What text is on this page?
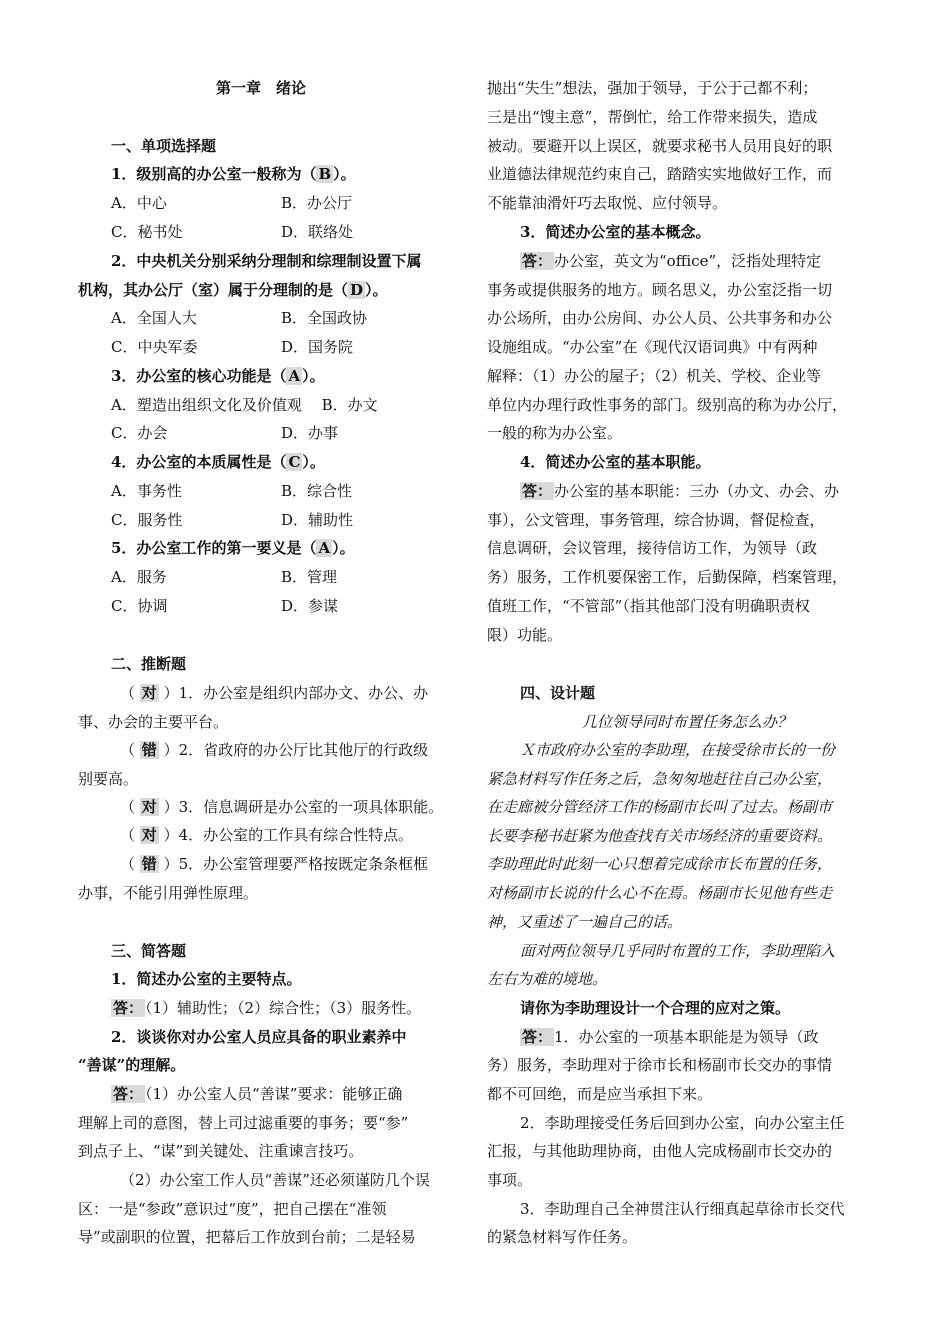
第一章　绪论
一、单项选择题
1．级别高的办公室一般称为（ B ）。
A．中心	B．办公厅
C．秘书处	D．联络处
2．中央机关分别采纳分理制和综理制设置下属
机构，其办公厅（室）属于分理制的是（ D ）。
A．全国人大	B．全国政协
C．中央军委	D．国务院
3．办公室的核心功能是（ A ）。
A．塑造出组织文化及价值观　 B．办文
C．办会	D．办事
4．办公室的本质属性是（ C ）。
A．事务性	B．综合性
C．服务性	D．辅助性
5．办公室工作的第一要义是（ A ）。
A．服务	B．管理
C．协调	D．参谋
二、推断题
（ 对 ）1．办公室是组织内部办文、办公、办
事、办会的主要平台。
（ 错 ）2．省政府的办公厅比其他厅的行政级
别要高。
（ 对 ）3．信息调研是办公室的一项具体职能。
（ 对 ）4．办公室的工作具有综合性特点。
（ 错 ）5．办公室管理要严格按既定条条框框
办事，不能引用弹性原理。
三、简答题
1．简述办公室的主要特点。
答： （1）辅助性；（2）综合性；（3）服务性。
2．谈谈你对办公室人员应具备的职业素养中
“善谋”的理解。
答： （1）办公室人员“善谋”要求：能够正确
理解上司的意图，替上司过滤重要的事务；要“参”
到点子上、“谋”到关键处、注重谏言技巧。
（2）办公室工作人员“善谋”还必须谨防几个误
区：一是“参政”意识过“度”，把自己摆在“准领
导”或副职的位置，把幕后工作放到台前；二是轻易
抛出“失生”想法，强加于领导，于公于己都不利；
三是出“馊主意”，帮倒忙，给工作带来损失，造成
被动。要避开以上误区，就要求秘书人员用良好的职
业道德法律规范约束自己，踏踏实实地做好工作，而
不能靠油滑奸巧去取悦、应付领导。
3．简述办公室的基本概念。
答： 办公室，英文为“office”，泛指处理特定
事务或提供服务的地方。顾名思义，办公室泛指一切
办公场所，由办公房间、办公人员、公共事务和办公
设施组成。“办公室”在《现代汉语词典》中有两种
解释：（1）办公的屋子；（2）机关、学校、企业等
单位内办理行政性事务的部门。级别高的称为办公厅，
一般的称为办公室。
4．简述办公室的基本职能。
答： 办公室的基本职能：三办（办文、办会、办
事），公文管理，事务管理，综合协调，督促检查，
信息调研，会议管理，接待信访工作，为领导（政
务）服务，工作机要保密工作，后勤保障，档案管理，
值班工作，“不管部”（指其他部门没有明确职责权
限）功能。
四、设计题
几位领导同时布置任务怎么办？
Ｘ市政府办公室的李助理，在接受徐市长的一份
紧急材料写作任务之后，急匆匆地赶往自己办公室，
在走廊被分管经济工作的杨副市长叫了过去。杨副市
长要李秘书赶紧为他查找有关市场经济的重要资料。
李助理此时此刻一心只想着完成徐市长布置的任务，
对杨副市长说的什么心不在焉。杨副市长见他有些走
神，又重述了一遍自己的话。
面对两位领导几乎同时布置的工作，李助理陷入
左右为难的境地。
请你为李助理设计一个合理的应对之策。
答： 1．办公室的一项基本职能是为领导（政
务）服务，李助理对于徐市长和杨副市长交办的事情
都不可回绝，而是应当承担下来。
2．李助理接受任务后回到办公室，向办公室主任
汇报，与其他助理协商，由他人完成杨副市长交办的
事项。
3．李助理自己全神贯注认行细真起草徐市长交代
的紧急材料写作任务。
